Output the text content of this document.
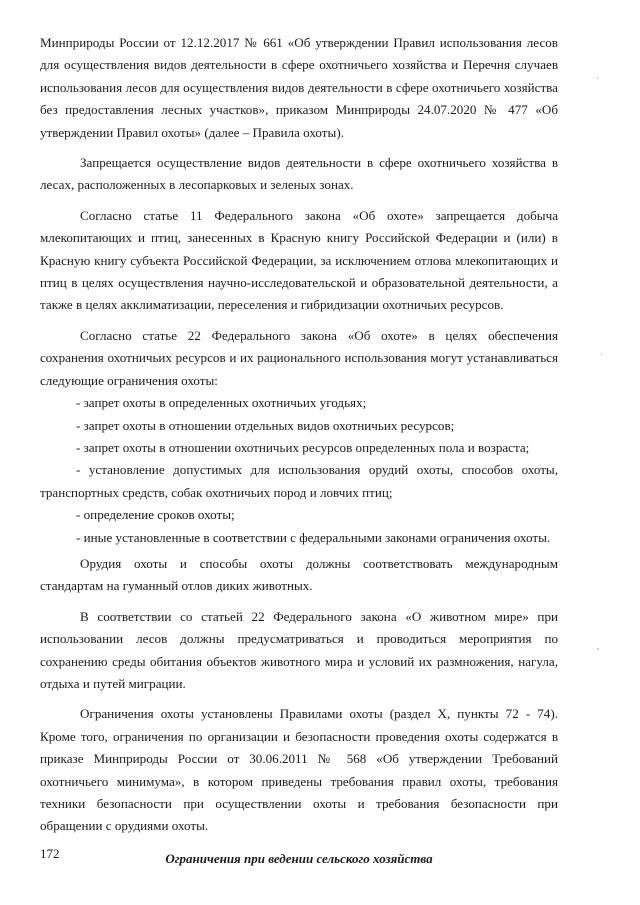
Минприроды России от 12.12.2017 № 661 «Об утверждении Правил использования лесов для осуществления видов деятельности в сфере охотничьего хозяйства и Перечня случаев использования лесов для осуществления видов деятельности в сфере охотничьего хозяйства без предоставления лесных участков», приказом Минприроды 24.07.2020 № 477 «Об утверждении Правил охоты» (далее – Правила охоты).

Запрещается осуществление видов деятельности в сфере охотничьего хозяйства в лесах, расположенных в лесопарковых и зеленых зонах.

Согласно статье 11 Федерального закона «Об охоте» запрещается добыча млекопитающих и птиц, занесенных в Красную книгу Российской Федерации и (или) в Красную книгу субъекта Российской Федерации, за исключением отлова млекопитающих и птиц в целях осуществления научно-исследовательской и образовательной деятельности, а также в целях акклиматизации, переселения и гибридизации охотничьих ресурсов.

Согласно статье 22 Федерального закона «Об охоте» в целях обеспечения сохранения охотничьих ресурсов и их рационального использования могут устанавливаться следующие ограничения охоты:

- запрет охоты в определенных охотничьих угодьях;

- запрет охоты в отношении отдельных видов охотничьих ресурсов;

- запрет охоты в отношении охотничьих ресурсов определенных пола и возраста;

- установление допустимых для использования орудий охоты, способов охоты, транспортных средств, собак охотничьих пород и ловчих птиц;

- определение сроков охоты;

- иные установленные в соответствии с федеральными законами ограничения охоты.

Орудия охоты и способы охоты должны соответствовать международным стандартам на гуманный отлов диких животных.

В соответствии со статьей 22 Федерального закона «О животном мире» при использовании лесов должны предусматриваться и проводиться мероприятия по сохранению среды обитания объектов животного мира и условий их размножения, нагула, отдыха и путей миграции.

Ограничения охоты установлены Правилами охоты (раздел X, пункты 72 - 74). Кроме того, ограничения по организации и безопасности проведения охоты содержатся в приказе Минприроды России от 30.06.2011 № 568 «Об утверждении Требований охотничьего минимума», в котором приведены требования правил охоты, требования техники безопасности при осуществлении охоты и требования безопасности при обращении с орудиями охоты.

Ограничения при ведении сельского хозяйства

172
·
·
,
